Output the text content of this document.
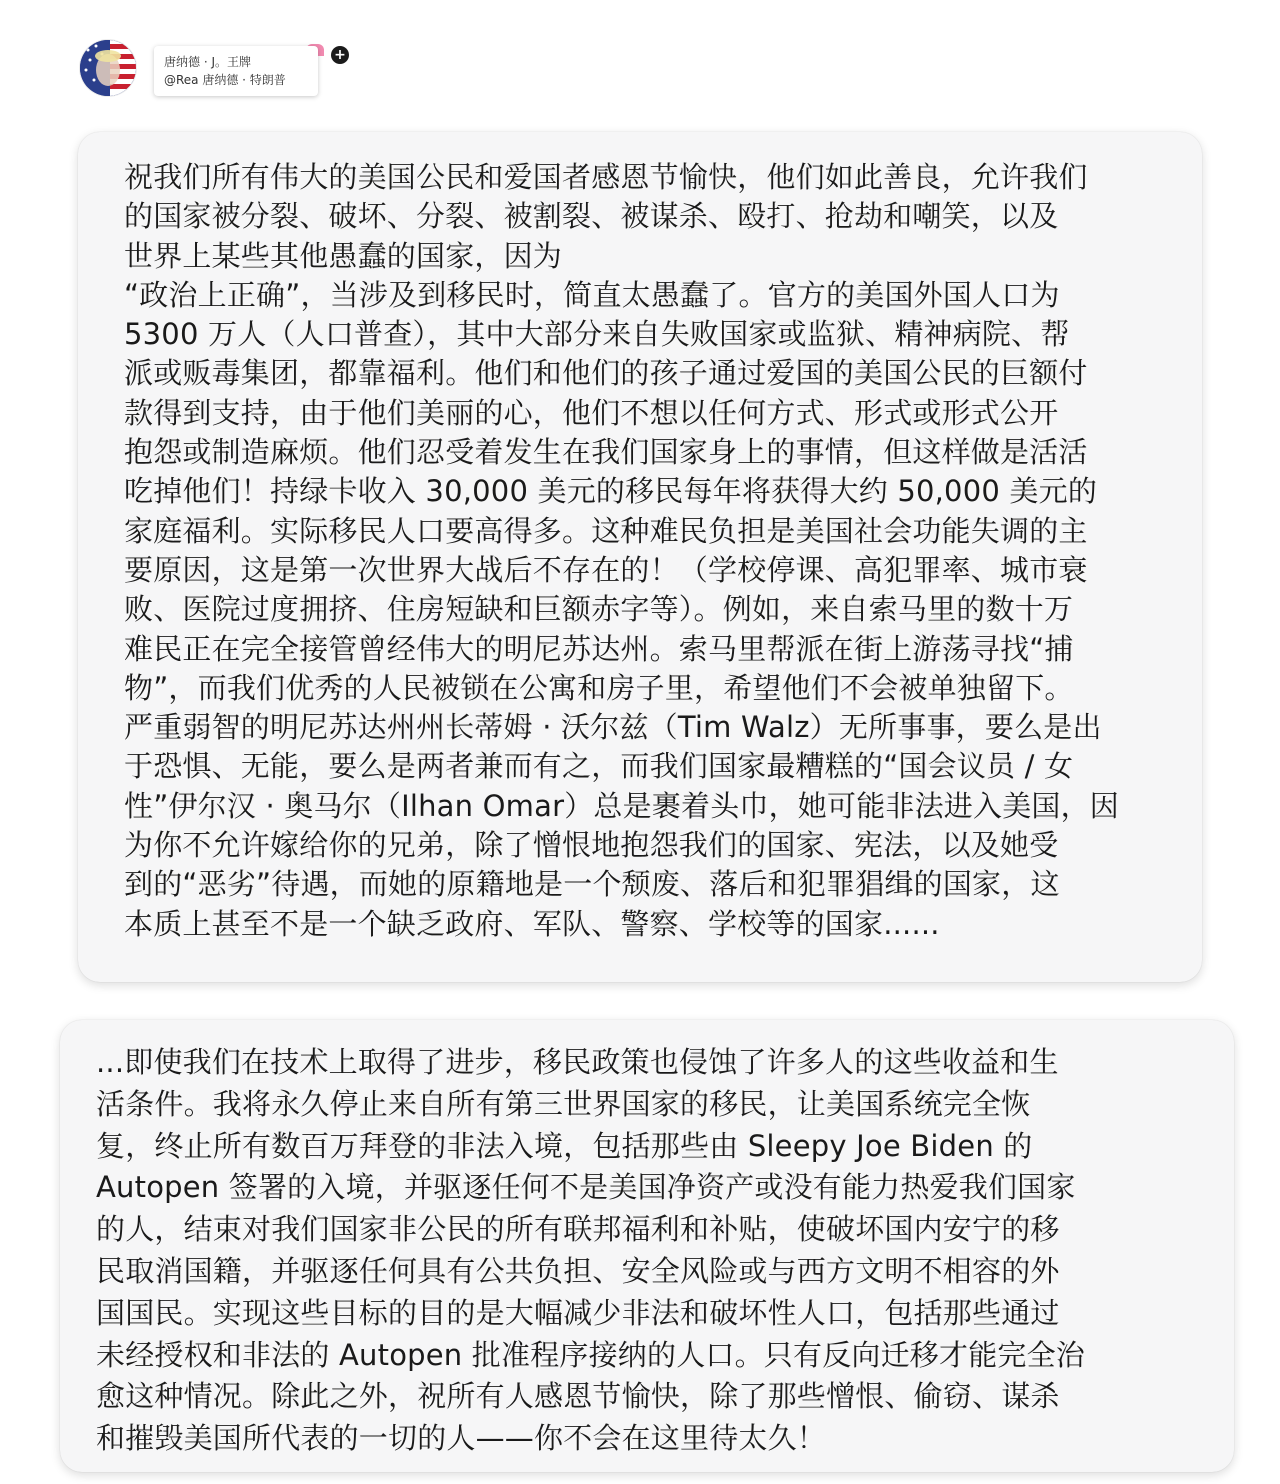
唐纳德 · J。王牌
@Rea 唐纳德 · 特朗普
+

祝我们所有伟大的美国公民和爱国者感恩节愉快，他们如此善良，允许我们
的国家被分裂、破坏、分裂、被割裂、被谋杀、殴打、抢劫和嘲笑，以及
世界上某些其他愚蠢的国家，因为
“政治上正确”，当涉及到移民时，简直太愚蠢了。官方的美国外国人口为
5300 万人（人口普查），其中大部分来自失败国家或监狱、精神病院、帮
派或贩毒集团，都靠福利。他们和他们的孩子通过爱国的美国公民的巨额付
款得到支持，由于他们美丽的心，他们不想以任何方式、形式或形式公开
抱怨或制造麻烦。他们忍受着发生在我们国家身上的事情，但这样做是活活
吃掉他们！持绿卡收入 30,000 美元的移民每年将获得大约 50,000 美元的
家庭福利。实际移民人口要高得多。这种难民负担是美国社会功能失调的主
要原因，这是第一次世界大战后不存在的！（学校停课、高犯罪率、城市衰
败、医院过度拥挤、住房短缺和巨额赤字等）。例如，来自索马里的数十万
难民正在完全接管曾经伟大的明尼苏达州。索马里帮派在街上游荡寻找“捕
物”，而我们优秀的人民被锁在公寓和房子里，希望他们不会被单独留下。
严重弱智的明尼苏达州州长蒂姆 · 沃尔兹（Tim Walz）无所事事，要么是出
于恐惧、无能，要么是两者兼而有之，而我们国家最糟糕的“国会议员 / 女
性”伊尔汉 · 奥马尔（Ilhan Omar）总是裹着头巾，她可能非法进入美国，因
为你不允许嫁给你的兄弟，除了憎恨地抱怨我们的国家、宪法，以及她受
到的“恶劣”待遇，而她的原籍地是一个颓废、落后和犯罪猖缉的国家，这
本质上甚至不是一个缺乏政府、军队、警察、学校等的国家......

...即使我们在技术上取得了进步，移民政策也侵蚀了许多人的这些收益和生
活条件。我将永久停止来自所有第三世界国家的移民，让美国系统完全恢
复，终止所有数百万拜登的非法入境，包括那些由 Sleepy Joe Biden 的
Autopen 签署的入境，并驱逐任何不是美国净资产或没有能力热爱我们国家
的人，结束对我们国家非公民的所有联邦福利和补贴，使破坏国内安宁的移
民取消国籍，并驱逐任何具有公共负担、安全风险或与西方文明不相容的外
国国民。实现这些目标的目的是大幅减少非法和破坏性人口，包括那些通过
未经授权和非法的 Autopen 批准程序接纳的人口。只有反向迁移才能完全治
愈这种情况。除此之外，祝所有人感恩节愉快，除了那些憎恨、偷窃、谋杀
和摧毁美国所代表的一切的人——你不会在这里待太久！
